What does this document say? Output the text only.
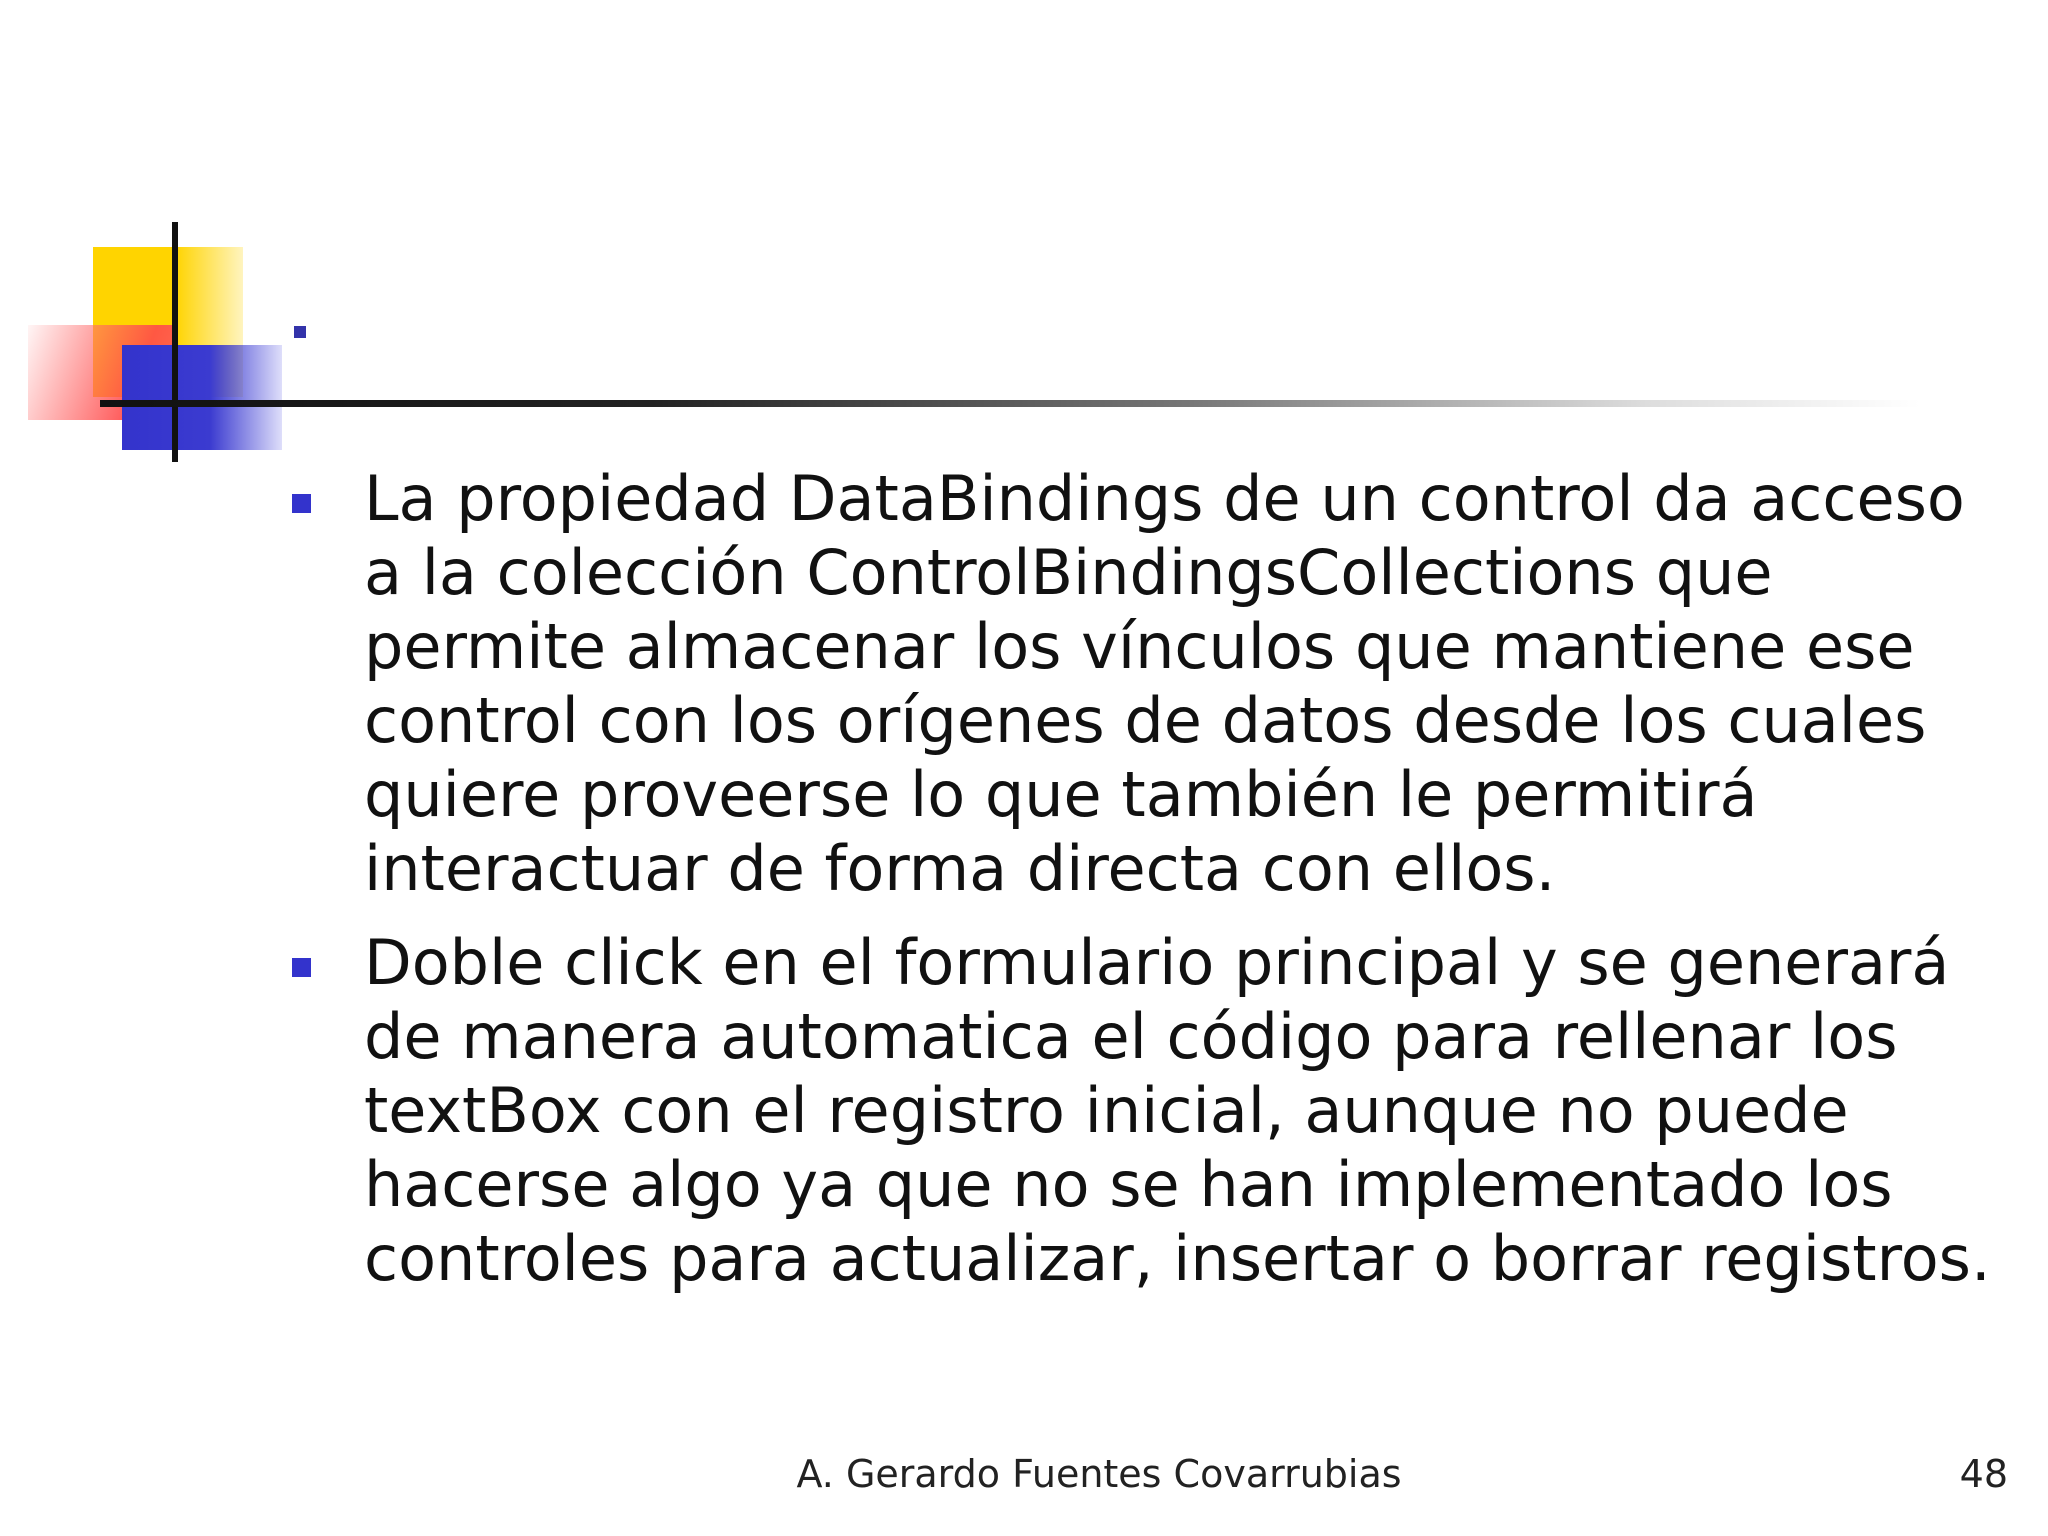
La propiedad DataBindings de un control da acceso a la colección ControlBindingsCollections que permite almacenar los vínculos que mantiene ese control con los orígenes de datos desde los cuales quiere proveerse lo que también le permitirá interactuar de forma directa con ellos.
Doble click en el formulario principal y se generará de manera automatica el código para rellenar los textBox con el registro inicial, aunque no puede hacerse algo ya que no se han implementado los controles para actualizar, insertar o borrar registros.
A. Gerardo Fuentes Covarrubias	48
